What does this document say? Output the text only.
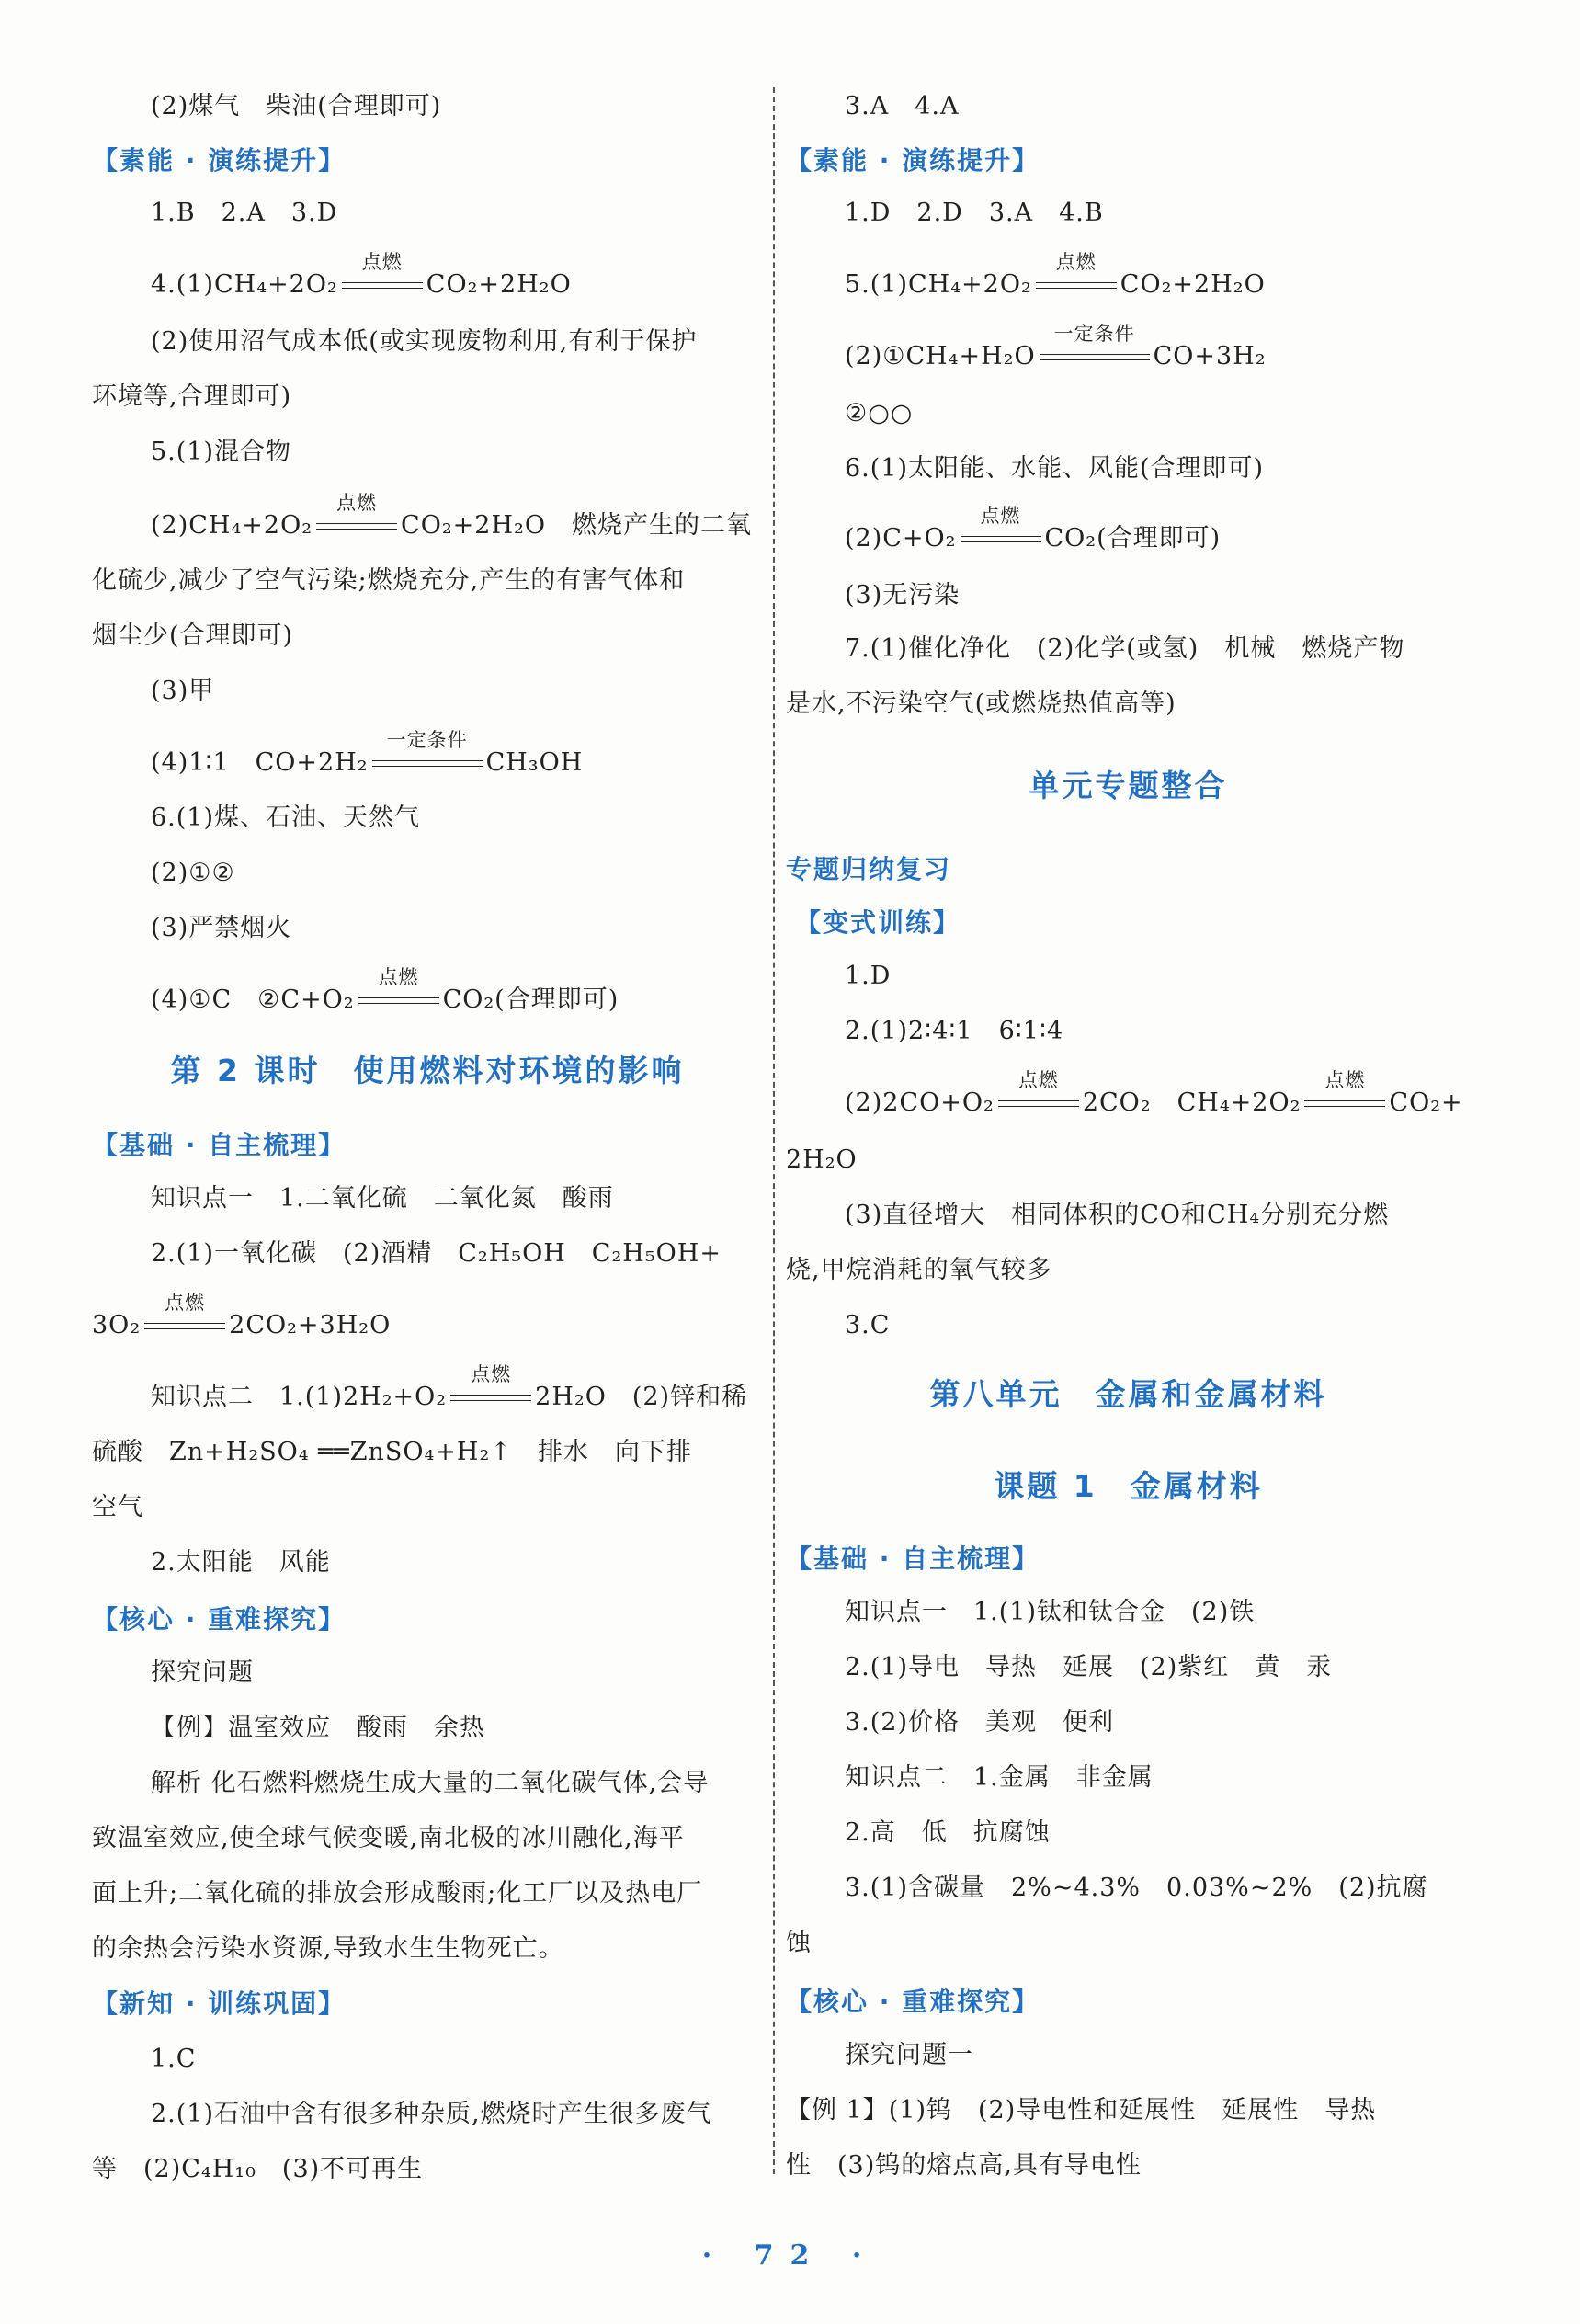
(2)煤气　柴油(合理即可)
【素能 · 演练提升】
1.B　2.A　3.D
4.(1)CH₄+2O₂
点燃
CO₂+2H₂O
(2)使用沼气成本低(或实现废物利用,有利于保护
环境等,合理即可)
5.(1)混合物
(2)CH₄+2O₂
点燃
CO₂+2H₂O　燃烧产生的二氧
化硫少,减少了空气污染;燃烧充分,产生的有害气体和
烟尘少(合理即可)
(3)甲
(4)1∶1　CO+2H₂
一定条件
CH₃OH
6.(1)煤、石油、天然气
(2)①②
(3)严禁烟火
(4)①C　②C+O₂
点燃
CO₂(合理即可)
第 2 课时　使用燃料对环境的影响
【基础 · 自主梳理】
知识点一　1.二氧化硫　二氧化氮　酸雨
2.(1)一氧化碳　(2)酒精　C₂H₅OH　C₂H₅OH+
3O₂
点燃
2CO₂+3H₂O
知识点二　1.(1)2H₂+O₂
点燃
2H₂O　(2)锌和稀
硫酸　Zn+H₂SO₄ ══ZnSO₄+H₂↑　排水　向下排
空气
2.太阳能　风能
【核心 · 重难探究】
探究问题
【例】温室效应　酸雨　余热
解析 化石燃料燃烧生成大量的二氧化碳气体,会导
致温室效应,使全球气候变暖,南北极的冰川融化,海平
面上升;二氧化硫的排放会形成酸雨;化工厂以及热电厂
的余热会污染水资源,导致水生生物死亡。
【新知 · 训练巩固】
1.C
2.(1)石油中含有很多种杂质,燃烧时产生很多废气
等　(2)C₄H₁₀　(3)不可再生
3.A　4.A
【素能 · 演练提升】
1.D　2.D　3.A　4.B
5.(1)CH₄+2O₂
点燃
CO₂+2H₂O
(2)①CH₄+H₂O
一定条件
CO+3H₂
②○○
6.(1)太阳能、水能、风能(合理即可)
(2)C+O₂
点燃
CO₂(合理即可)
(3)无污染
7.(1)催化净化　(2)化学(或氢)　机械　燃烧产物
是水,不污染空气(或燃烧热值高等)
单元专题整合
专题归纳复习
【变式训练】
1.D
2.(1)2∶4∶1　6∶1∶4
(2)2CO+O₂
点燃
2CO₂　CH₄+2O₂
点燃
CO₂+
2H₂O
(3)直径增大　相同体积的CO和CH₄分别充分燃
烧,甲烷消耗的氧气较多
3.C
第八单元　金属和金属材料
课题 1　金属材料
【基础 · 自主梳理】
知识点一　1.(1)钛和钛合金　(2)铁
2.(1)导电　导热　延展　(2)紫红　黄　汞
3.(2)价格　美观　便利
知识点二　1.金属　非金属
2.高　低　抗腐蚀
3.(1)含碳量　2%~4.3%　0.03%~2%　(2)抗腐
蚀
【核心 · 重难探究】
探究问题一
【例 1】(1)钨　(2)导电性和延展性　延展性　导热
性　(3)钨的熔点高,具有导电性
· 72 ·
